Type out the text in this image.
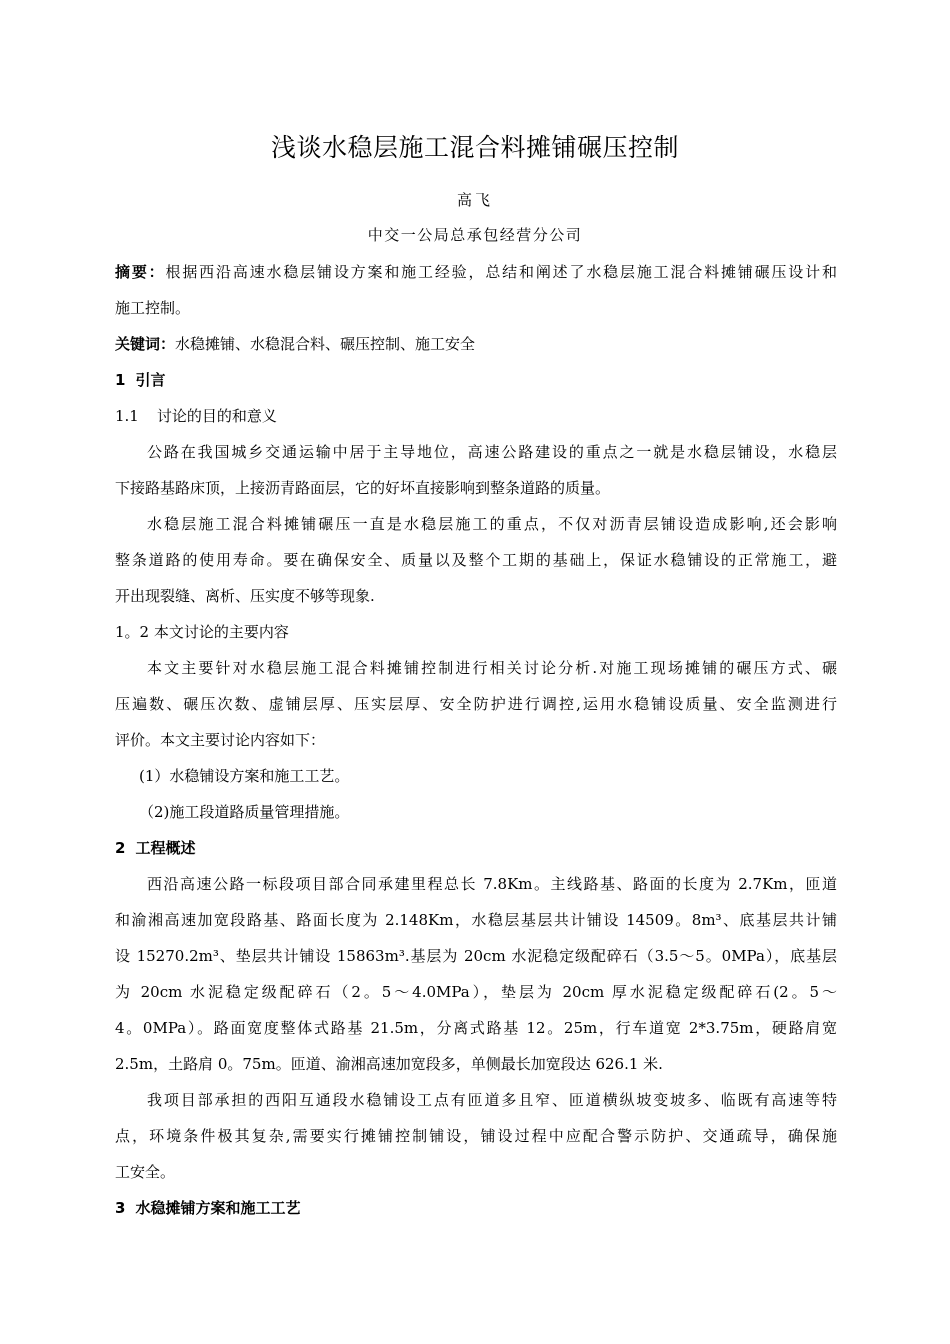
浅谈水稳层施工混合料摊铺碾压控制
高飞
中交一公局总承包经营分公司
摘要：根据西沿高速水稳层铺设方案和施工经验，总结和阐述了水稳层施工混合料摊铺碾压设计和
施工控制。
关键词：水稳摊铺、水稳混合料、碾压控制、施工安全
1 引言
1.1 讨论的目的和意义
公路在我国城乡交通运输中居于主导地位，高速公路建设的重点之一就是水稳层铺设，水稳层
下接路基路床顶，上接沥青路面层，它的好坏直接影响到整条道路的质量。
水稳层施工混合料摊铺碾压一直是水稳层施工的重点，不仅对沥青层铺设造成影响,还会影响
整条道路的使用寿命。要在确保安全、质量以及整个工期的基础上，保证水稳铺设的正常施工，避
开出现裂缝、离析、压实度不够等现象.
1。2 本文讨论的主要内容
本文主要针对水稳层施工混合料摊铺控制进行相关讨论分析.对施工现场摊铺的碾压方式、碾
压遍数、碾压次数、虚铺层厚、压实层厚、安全防护进行调控,运用水稳铺设质量、安全监测进行
评价。本文主要讨论内容如下：
(1）水稳铺设方案和施工工艺。
（2)施工段道路质量管理措施。
2 工程概述
西沿高速公路一标段项目部合同承建里程总长 7.8Km。主线路基、路面的长度为 2.7Km，匝道
和渝湘高速加宽段路基、路面长度为 2.148Km，水稳层基层共计铺设 14509。8m³、底基层共计铺
设 15270.2m³、垫层共计铺设 15863m³.基层为 20cm 水泥稳定级配碎石（3.5～5。0MPa），底基层
为 20cm 水泥稳定级配碎石（2。5～4.0MPa），垫层为 20cm 厚水泥稳定级配碎石(2。5～
4。0MPa）。路面宽度整体式路基 21.5m，分离式路基 12。25m，行车道宽 2*3.75m，硬路肩宽
2.5m，土路肩 0。75m。匝道、渝湘高速加宽段多，单侧最长加宽段达 626.1 米.
我项目部承担的西阳互通段水稳铺设工点有匝道多且窄、匝道横纵坡变坡多、临既有高速等特
点，环境条件极其复杂,需要实行摊铺控制铺设，铺设过程中应配合警示防护、交通疏导，确保施
工安全。
3 水稳摊铺方案和施工工艺
